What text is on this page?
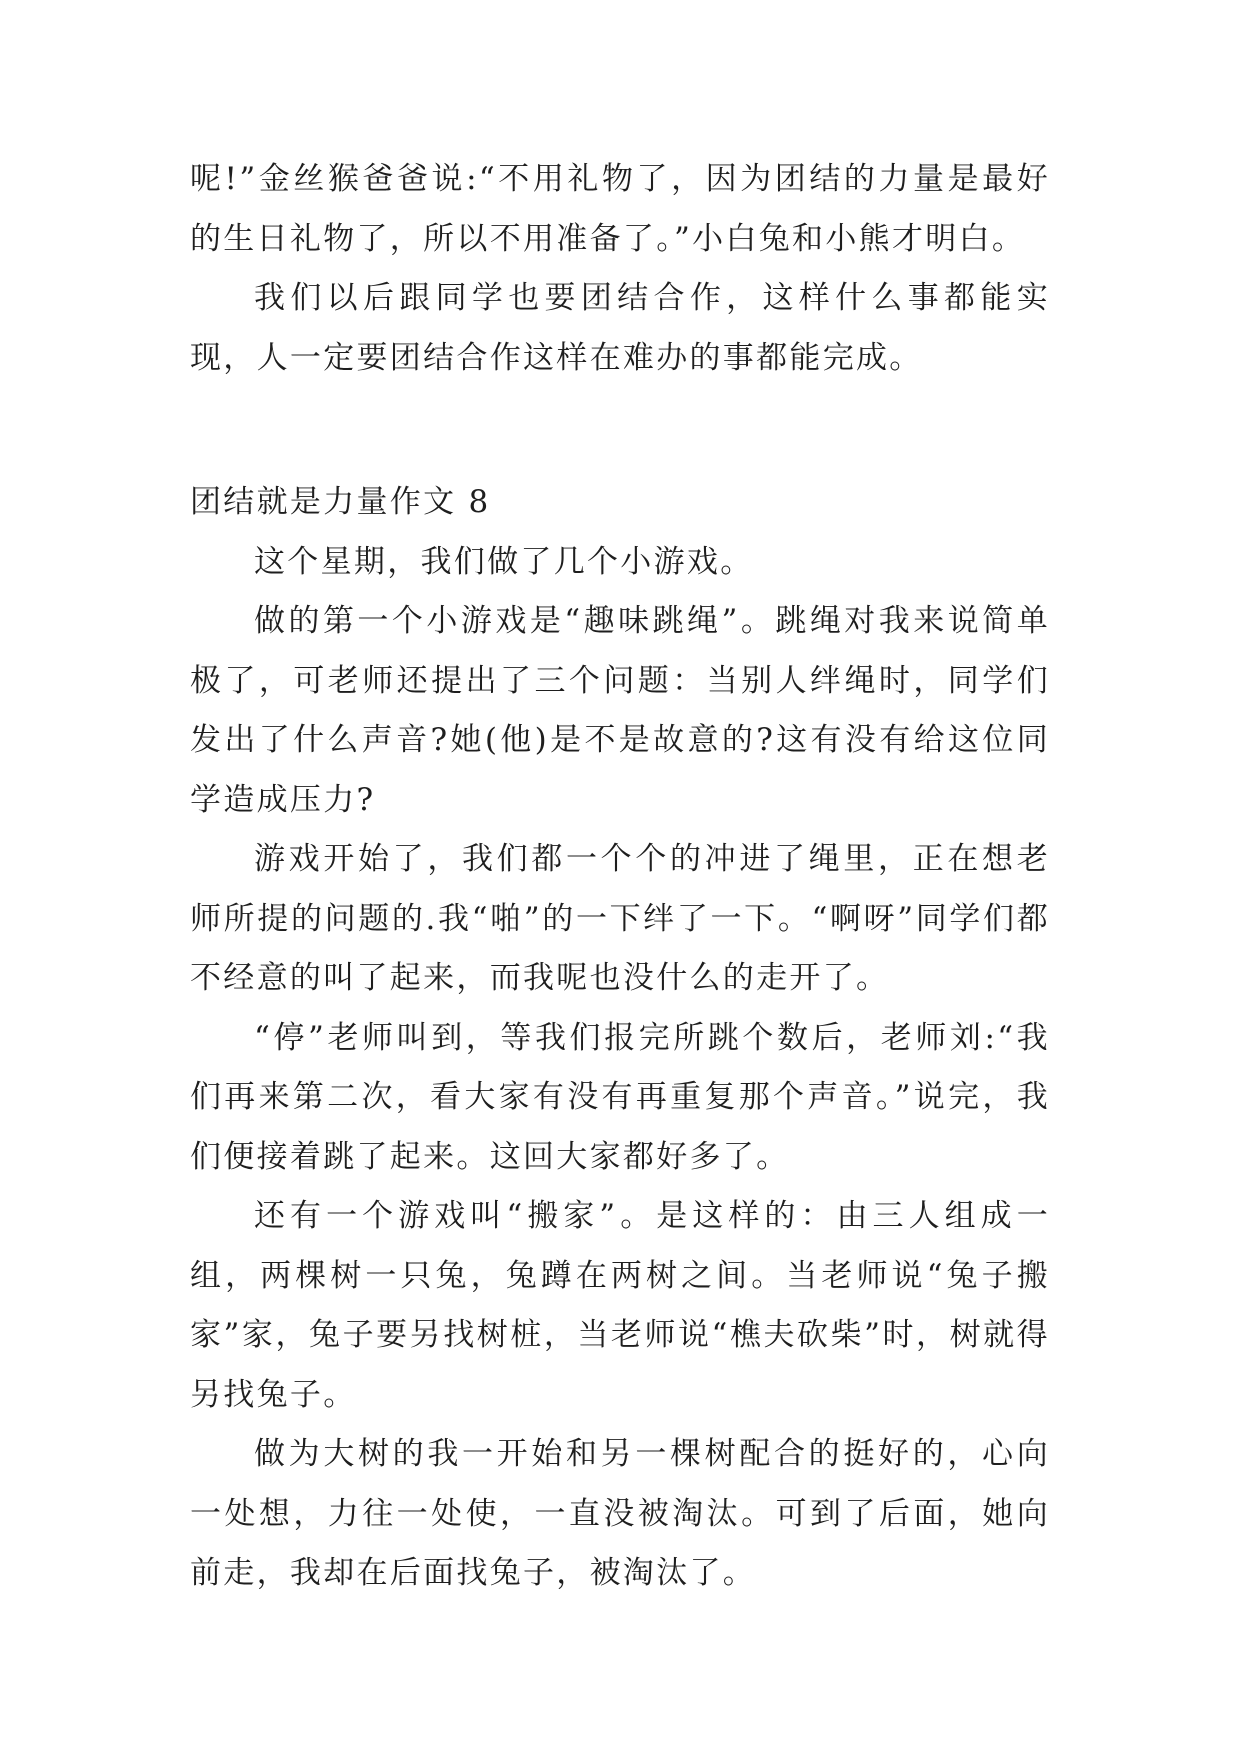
呢!”金丝猴爸爸说:“不用礼物了，因为团结的力量是最好的生日礼物了，所以不用准备了。”小白兔和小熊才明白。

我们以后跟同学也要团结合作，这样什么事都能实现，人一定要团结合作这样在难办的事都能完成。

团结就是力量作文 8

这个星期，我们做了几个小游戏。

做的第一个小游戏是“趣味跳绳”。跳绳对我来说简单极了，可老师还提出了三个问题：当别人绊绳时，同学们发出了什么声音?她(他)是不是故意的?这有没有给这位同学造成压力?

游戏开始了，我们都一个个的冲进了绳里，正在想老师所提的问题的.我“啪”的一下绊了一下。“啊呀”同学们都不经意的叫了起来，而我呢也没什么的走开了。

“停”老师叫到，等我们报完所跳个数后，老师刘:“我们再来第二次，看大家有没有再重复那个声音。”说完，我们便接着跳了起来。这回大家都好多了。

还有一个游戏叫“搬家”。是这样的：由三人组成一组，两棵树一只兔，兔蹲在两树之间。当老师说“兔子搬家”家，兔子要另找树桩，当老师说“樵夫砍柴”时，树就得另找兔子。

做为大树的我一开始和另一棵树配合的挺好的，心向一处想，力往一处使，一直没被淘汰。可到了后面，她向前走，我却在后面找兔子，被淘汰了。
